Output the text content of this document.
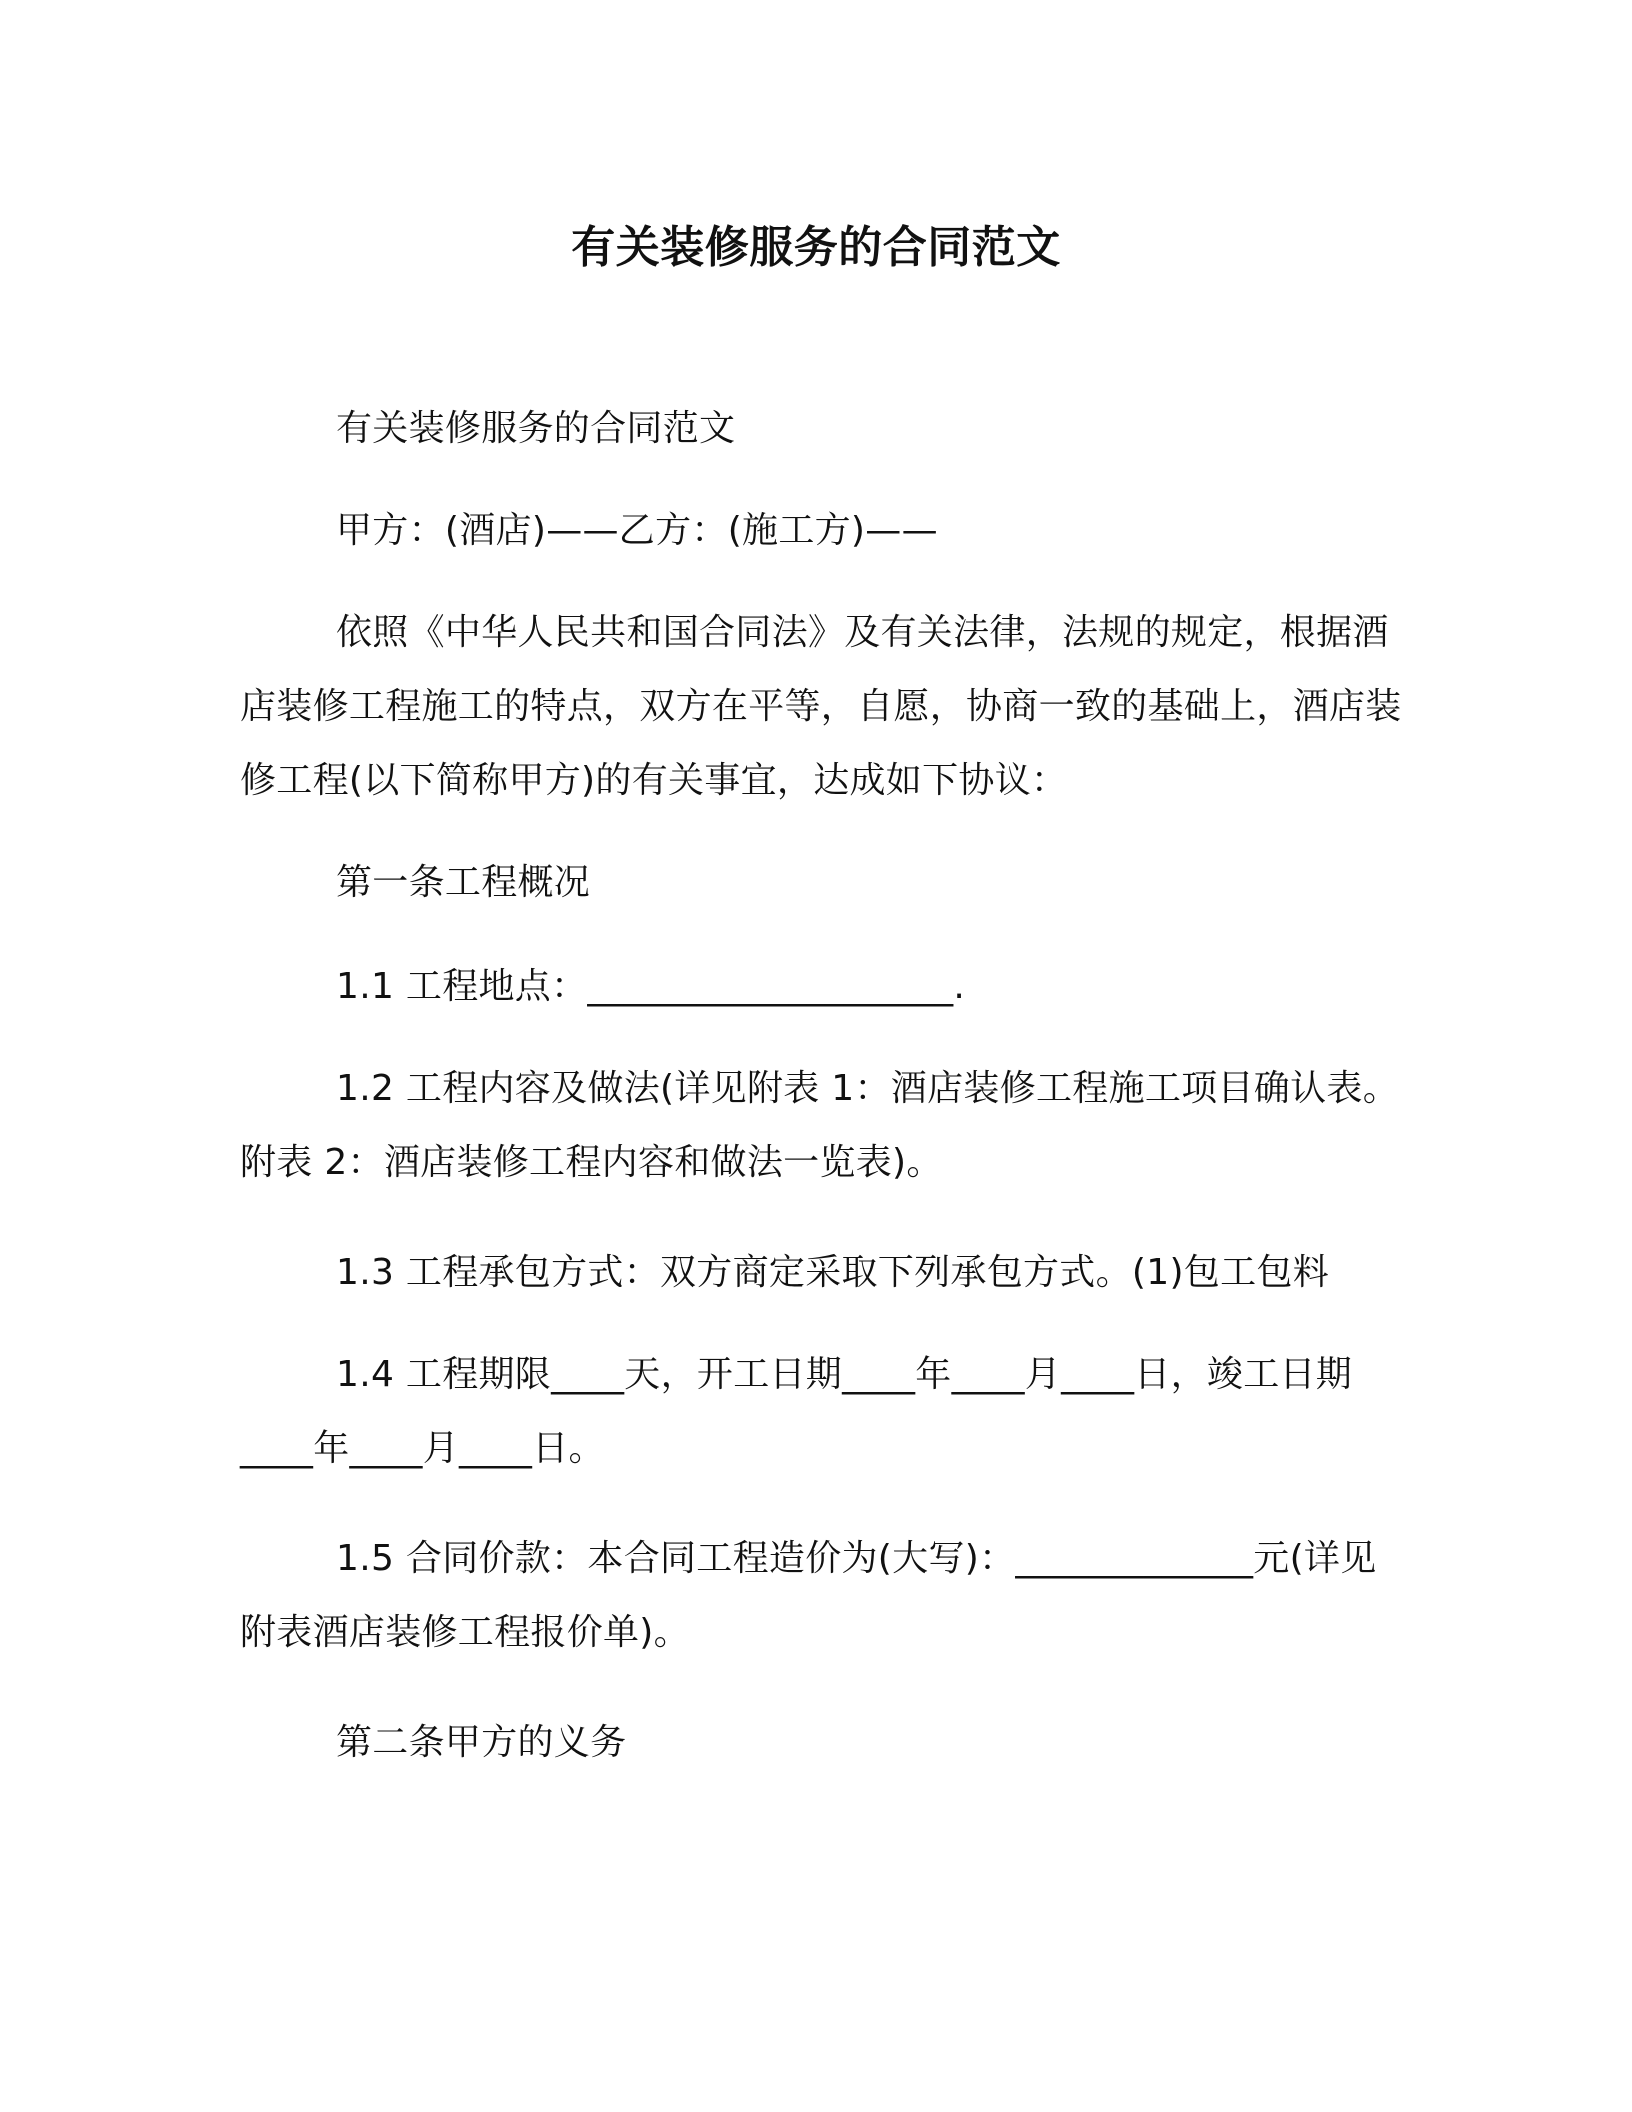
有关装修服务的合同范文

有关装修服务的合同范文

甲方：(酒店)——乙方：(施工方)——

依照《中华人民共和国合同法》及有关法律，法规的规定，根据酒店装修工程施工的特点，双方在平等，自愿，协商一致的基础上，酒店装修工程(以下简称甲方)的有关事宜，达成如下协议：

第一条工程概况

1.1 工程地点：____________________.

1.2 工程内容及做法(详见附表 1：酒店装修工程施工项目确认表。附表 2：酒店装修工程内容和做法一览表)。

1.3 工程承包方式：双方商定采取下列承包方式。(1)包工包料

1.4 工程期限____天，开工日期____年____月____日，竣工日期____年____月____日。

1.5 合同价款：本合同工程造价为(大写)：_____________元(详见附表酒店装修工程报价单)。

第二条甲方的义务
